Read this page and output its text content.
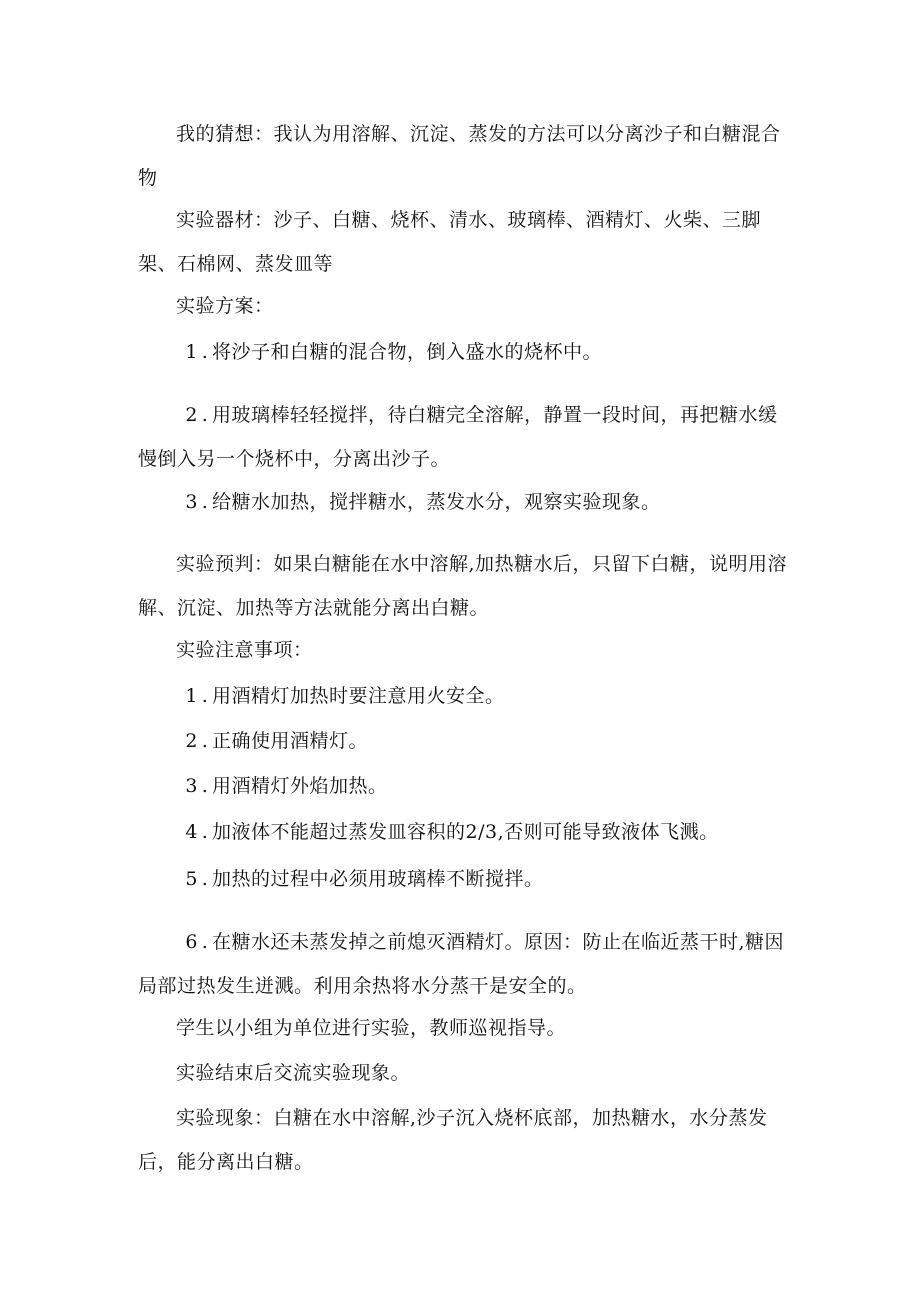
我的猜想：我认为用溶解、沉淀、蒸发的方法可以分离沙子和白糖混合物

实验器材：沙子、白糖、烧杯、清水、玻璃棒、酒精灯、火柴、三脚架、石棉网、蒸发皿等

实验方案：

1 . 将沙子和白糖的混合物，倒入盛水的烧杯中。

2 . 用玻璃棒轻轻搅拌，待白糖完全溶解，静置一段时间，再把糖水缓慢倒入另一个烧杯中，分离出沙子。

3 . 给糖水加热，搅拌糖水，蒸发水分，观察实验现象。

实验预判：如果白糖能在水中溶解,加热糖水后，只留下白糖，说明用溶解、沉淀、加热等方法就能分离出白糖。

实验注意事项：

1 . 用酒精灯加热时要注意用火安全。

2 . 正确使用酒精灯。

3 . 用酒精灯外焰加热。

4 . 加液体不能超过蒸发皿容积的2/3,否则可能导致液体飞溅。

5 . 加热的过程中必须用玻璃棒不断搅拌。

6 . 在糖水还未蒸发掉之前熄灭酒精灯。原因：防止在临近蒸干时,糖因局部过热发生迸溅。利用余热将水分蒸干是安全的。

学生以小组为单位进行实验，教师巡视指导。

实验结束后交流实验现象。

实验现象：白糖在水中溶解,沙子沉入烧杯底部，加热糖水，水分蒸发后，能分离出白糖。
